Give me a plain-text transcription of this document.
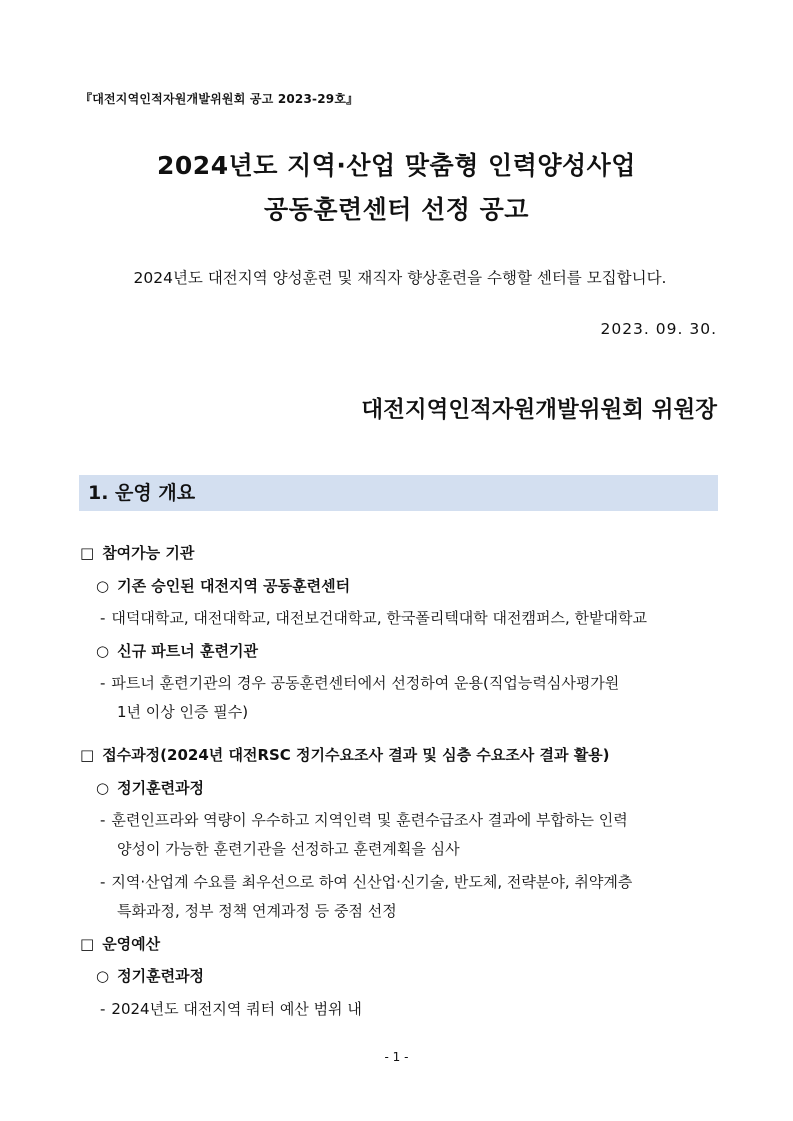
『대전지역인적자원개발위원회 공고 2023-29호』
2024년도 지역·산업 맞춤형 인력양성사업
공동훈련센터 선정 공고
2024년도 대전지역 양성훈련 및 재직자 향상훈련을 수행할 센터를 모집합니다.
2023. 09. 30.
대전지역인적자원개발위원회 위원장
1. 운영 개요
□ 참여가능 기관
○ 기존 승인된 대전지역 공동훈련센터
- 대덕대학교, 대전대학교, 대전보건대학교, 한국폴리텍대학 대전캠퍼스, 한밭대학교
○ 신규 파트너 훈련기관
- 파트너 훈련기관의 경우 공동훈련센터에서 선정하여 운용(직업능력심사평가원
1년 이상 인증 필수)
□ 접수과정(2024년 대전RSC 정기수요조사 결과 및 심층 수요조사 결과 활용)
○ 정기훈련과정
- 훈련인프라와 역량이 우수하고 지역인력 및 훈련수급조사 결과에 부합하는 인력
양성이 가능한 훈련기관을 선정하고 훈련계획을 심사
- 지역·산업계 수요를 최우선으로 하여 신산업·신기술, 반도체, 전략분야, 취약계층
특화과정, 정부 정책 연계과정 등 중점 선정
□ 운영예산
○ 정기훈련과정
- 2024년도 대전지역 쿼터 예산 범위 내
- 1 -
